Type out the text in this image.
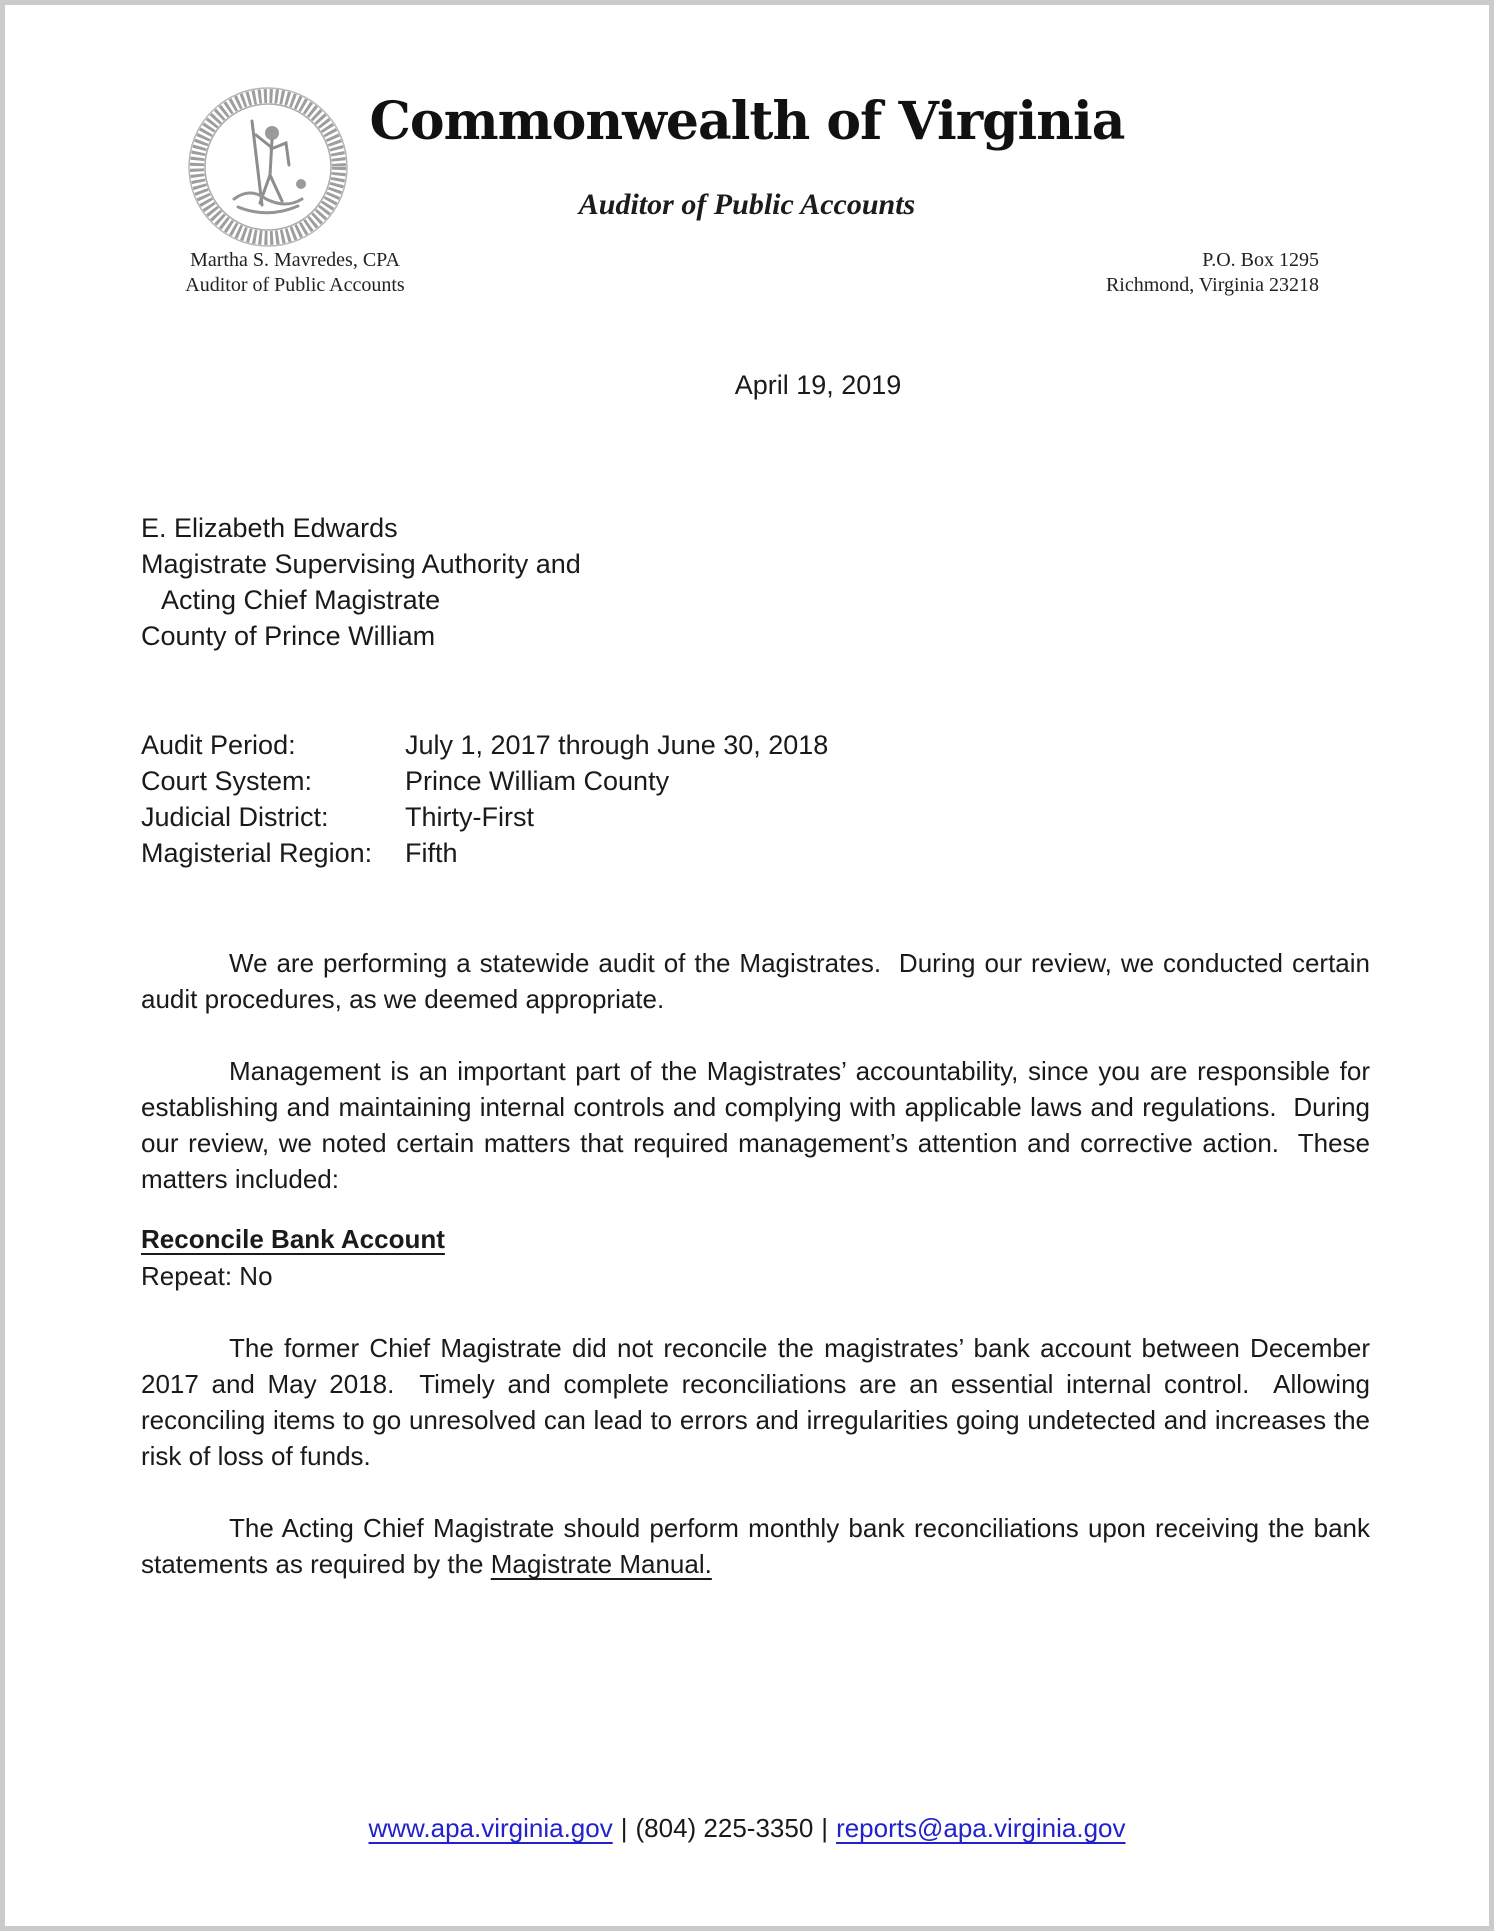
Commonwealth of Virginia
Auditor of Public Accounts
Martha S. Mavredes, CPA
Auditor of Public Accounts
P.O. Box 1295
Richmond, Virginia 23218
April 19, 2019
E. Elizabeth Edwards
Magistrate Supervising Authority and
Acting Chief Magistrate
County of Prince William
Audit Period:	July 1, 2017 through June 30, 2018
Court System:	Prince William County
Judicial District:	Thirty-First
Magisterial Region:	Fifth
We are performing a statewide audit of the Magistrates.  During our review, we conducted certain audit procedures, as we deemed appropriate.
Management is an important part of the Magistrates’ accountability, since you are responsible for establishing and maintaining internal controls and complying with applicable laws and regulations.  During our review, we noted certain matters that required management’s attention and corrective action.  These matters included:
Reconcile Bank Account
Repeat: No
The former Chief Magistrate did not reconcile the magistrates’ bank account between December 2017 and May 2018.  Timely and complete reconciliations are an essential internal control.  Allowing reconciling items to go unresolved can lead to errors and irregularities going undetected and increases the risk of loss of funds.
The Acting Chief Magistrate should perform monthly bank reconciliations upon receiving the bank statements as required by the Magistrate Manual.
www.apa.virginia.gov | (804) 225-3350 | reports@apa.virginia.gov
